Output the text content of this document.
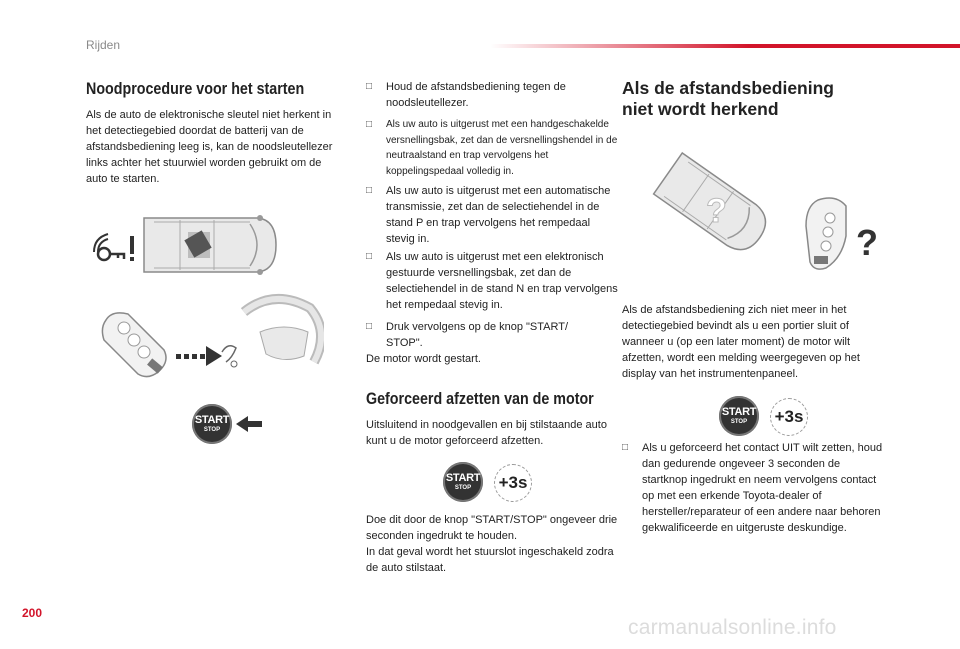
Rijden
Noodprocedure voor het starten

Als de auto de elektronische sleutel niet herkent in het detectiegebied doordat de batterij van de afstandsbediening leeg is, kan de noodsleutellezer links achter het stuurwiel worden gebruikt om de auto te starten.

START
STOP
□ Houd de afstandsbediening tegen de noodsleutellezer.
□ Als uw auto is uitgerust met een handgeschakelde versnellingsbak, zet dan de versnellingshendel in de neutraalstand en trap vervolgens het koppelingspedaal volledig in.
□ Als uw auto is uitgerust met een automatische transmissie, zet dan de selectiehendel in de stand P en trap vervolgens het rempedaal stevig in.
□ Als uw auto is uitgerust met een elektronisch gestuurde versnellingsbak, zet dan de selectiehendel in de stand N en trap vervolgens het rempedaal stevig in.
□ Druk vervolgens op de knop "START/ STOP".

De motor wordt gestart.

Geforceerd afzetten van de motor

Uitsluitend in noodgevallen en bij stilstaande auto kunt u de motor geforceerd afzetten.

START
STOP	+3s

Doe dit door de knop "START/STOP" ongeveer drie seconden ingedrukt te houden.

In dat geval wordt het stuurslot ingeschakeld zodra de auto stilstaat.

Als de afstandsbediening
niet wordt herkend
?
?

Als de afstandsbediening zich niet meer in het detectiegebied bevindt als u een portier sluit of wanneer u (op een later moment) de motor wilt afzetten, wordt een melding weergegeven op het display van het instrumentenpaneel.

START
STOP	+3s
□ Als u geforceerd het contact UIT wilt zetten, houd dan gedurende ongeveer 3 seconden de startknop ingedrukt en neem vervolgens contact op met een erkende Toyota-dealer of hersteller/reparateur of een andere naar behoren gekwalificeerde en uitgeruste deskundige.
200
carmanualsonline.info
